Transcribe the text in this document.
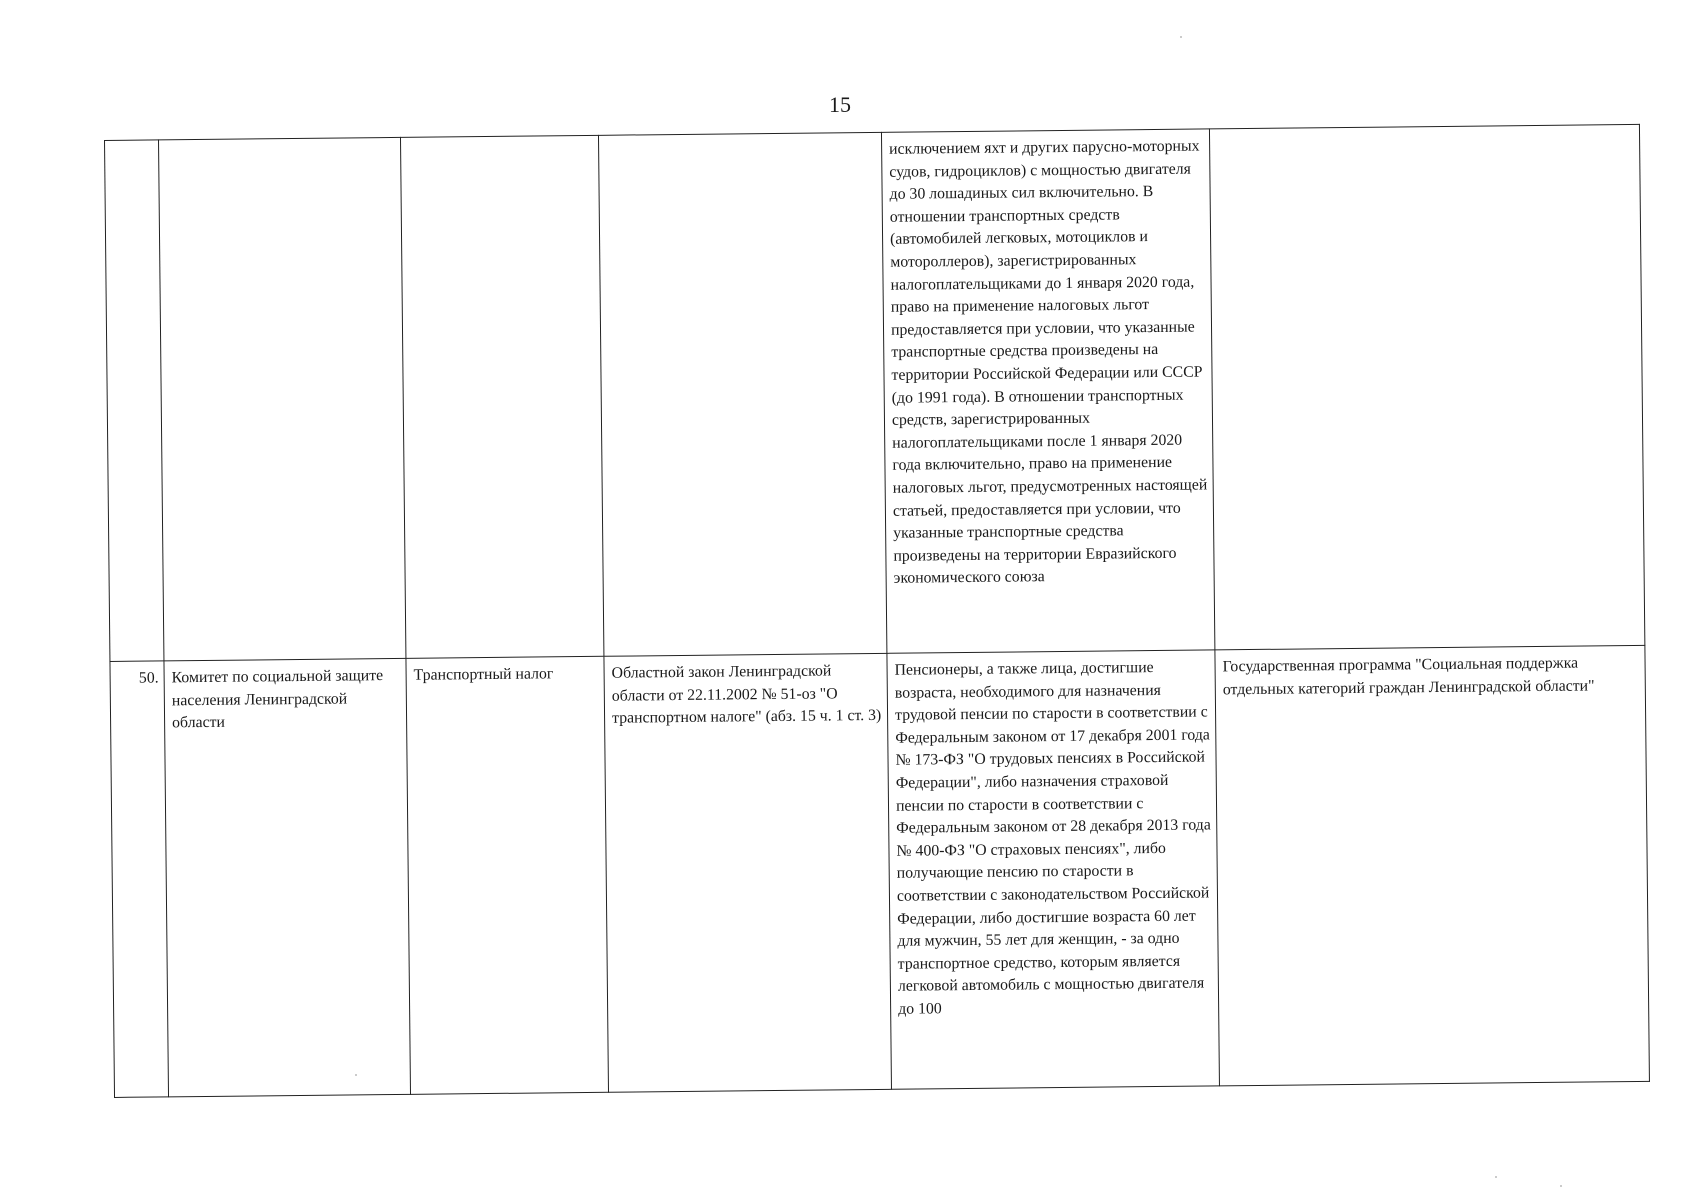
15
				исключением яхт и других парусно-моторных судов, гидроциклов) с мощностью двигателя до 30 лошадиных сил включительно. В отношении транспортных средств (автомобилей легковых, мотоциклов и мотороллеров), зарегистрированных налогоплательщиками до 1 января 2020 года, право на применение налоговых льгот предоставляется при условии, что указанные транспортные средства произведены на территории Российской Федерации или СССР (до 1991 года). В отношении транспортных средств, зарегистрированных налогоплательщиками после 1 января 2020 года включительно, право на применение налоговых льгот, предусмотренных настоящей статьей, предоставляется при условии, что указанные транспортные средства произведены на территории Евразийского экономического союза	
50.	Комитет по социальной защите населения Ленинградской области	Транспортный налог	Областной закон Ленинградской области от 22.11.2002 № 51-оз "О транспортном налоге" (абз. 15 ч. 1 ст. 3)	Пенсионеры, а также лица, достигшие возраста, необходимого для назначения трудовой пенсии по старости в соответствии с Федеральным законом от 17 декабря 2001 года № 173-ФЗ "О трудовых пенсиях в Российской Федерации", либо назначения страховой пенсии по старости в соответствии с Федеральным законом от 28 декабря 2013 года № 400-ФЗ "О страховых пенсиях", либо получающие пенсию по старости в соответствии с законодательством Российской Федерации, либо достигшие возраста 60 лет для мужчин, 55 лет для женщин, - за одно транспортное средство, которым является легковой автомобиль с мощностью двигателя до 100	Государственная программа "Социальная поддержка отдельных категорий граждан Ленинградской области"
